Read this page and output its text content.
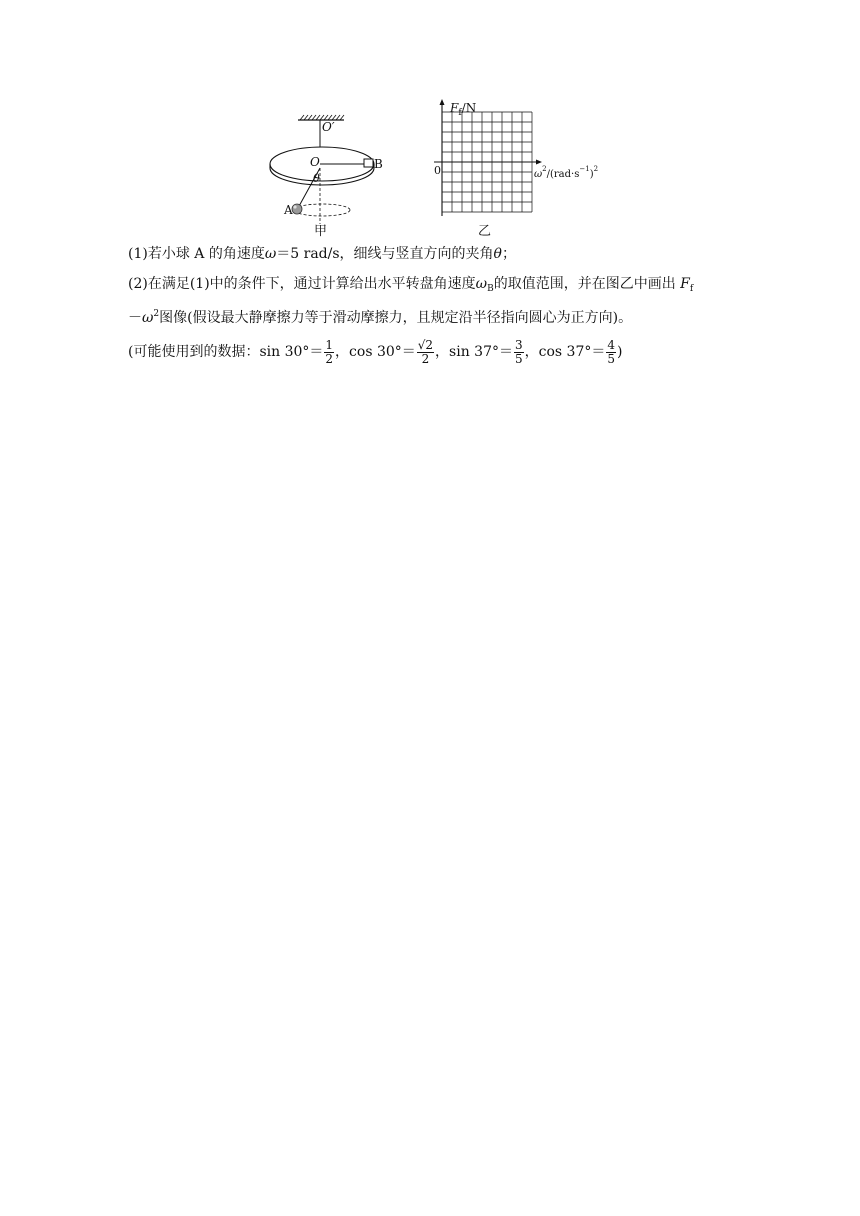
O′
O	B
θ
A
甲
$F_f/N$
0	$\omega^2/(rad\cdot s^{-1})^2$
乙
(1)若小球 A 的角速度ω＝5 rad/s，细线与竖直方向的夹角θ；
(2)在满足(1)中的条件下，通过计算给出水平转盘角速度$\omega_B$的取值范围，并在图乙中画出 $F_f$
$-\omega^2$图像(假设最大静摩擦力等于滑动摩擦力，且规定沿半径指向圆心为正方向)。
(可能使用到的数据：$\sin 30^\circ= \frac{1}{2}$ ，$\cos 30^\circ= \frac{√2}{2}$ ，$\sin 37^\circ= \frac{3}{5}$ ，$\cos 37^\circ= \frac{4}{5}$ )
